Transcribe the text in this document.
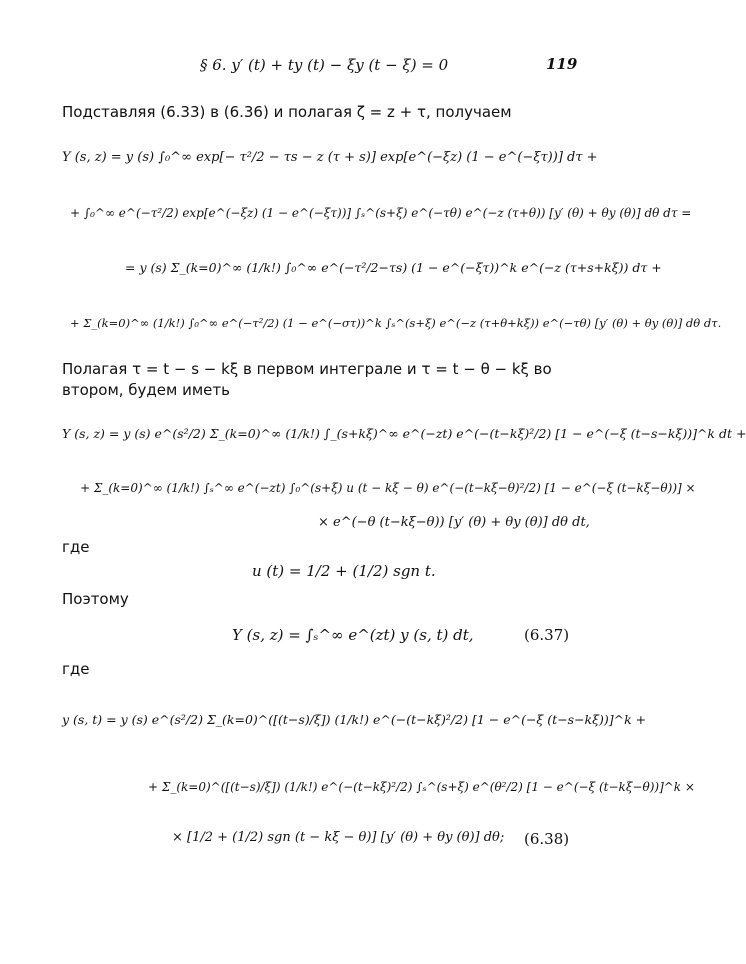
§ 6. y′ (t) + ty (t) − ξy (t − ξ) = 0	119
Подставляя (6.33) в (6.36) и полагая ζ = z + τ, получаем
Y (s, z) = y (s) ∫₀^∞ exp[− τ²/2 − τs − z (τ + s)] exp[e^(−ξz) (1 − e^(−ξτ))] dτ +
+ ∫₀^∞ e^(−τ²/2) exp[e^(−ξz) (1 − e^(−ξτ))] ∫ₛ^(s+ξ) e^(−τθ) e^(−z (τ+θ)) [y′ (θ) + θy (θ)] dθ dτ =
= y (s) Σ_(k=0)^∞ (1/k!) ∫₀^∞ e^(−τ²/2−τs) (1 − e^(−ξτ))^k e^(−z (τ+s+kξ)) dτ +
+ Σ_(k=0)^∞ (1/k!) ∫₀^∞ e^(−τ²/2) (1 − e^(−στ))^k ∫ₛ^(s+ξ) e^(−z (τ+θ+kξ)) e^(−τθ) [y′ (θ) + θy (θ)] dθ dτ.
Полагая τ = t − s − kξ в первом интеграле и τ = t − θ − kξ во втором, будем иметь
Y (s, z) = y (s) e^(s²/2) Σ_(k=0)^∞ (1/k!) ∫_(s+kξ)^∞ e^(−zt) e^(−(t−kξ)²/2) [1 − e^(−ξ (t−s−kξ))]^k dt +
+ Σ_(k=0)^∞ (1/k!) ∫ₛ^∞ e^(−zt) ∫₀^(s+ξ) u (t − kξ − θ) e^(−(t−kξ−θ)²/2) [1 − e^(−ξ (t−kξ−θ))] ×
× e^(−θ (t−kξ−θ)) [y′ (θ) + θy (θ)] dθ dt,
где
u (t) = 1/2 + (1/2) sgn t.
Поэтому
Y (s, z) = ∫ₛ^∞ e^(zt) y (s, t) dt,	(6.37)
где
y (s, t) = y (s) e^(s²/2) Σ_(k=0)^([(t−s)/ξ]) (1/k!) e^(−(t−kξ)²/2) [1 − e^(−ξ (t−s−kξ))]^k +
+ Σ_(k=0)^([(t−s)/ξ]) (1/k!) e^(−(t−kξ)²/2) ∫ₛ^(s+ξ) e^(θ²/2) [1 − e^(−ξ (t−kξ−θ))]^k ×
× [1/2 + (1/2) sgn (t − kξ − θ)] [y′ (θ) + θy (θ)] dθ; (6.38)
